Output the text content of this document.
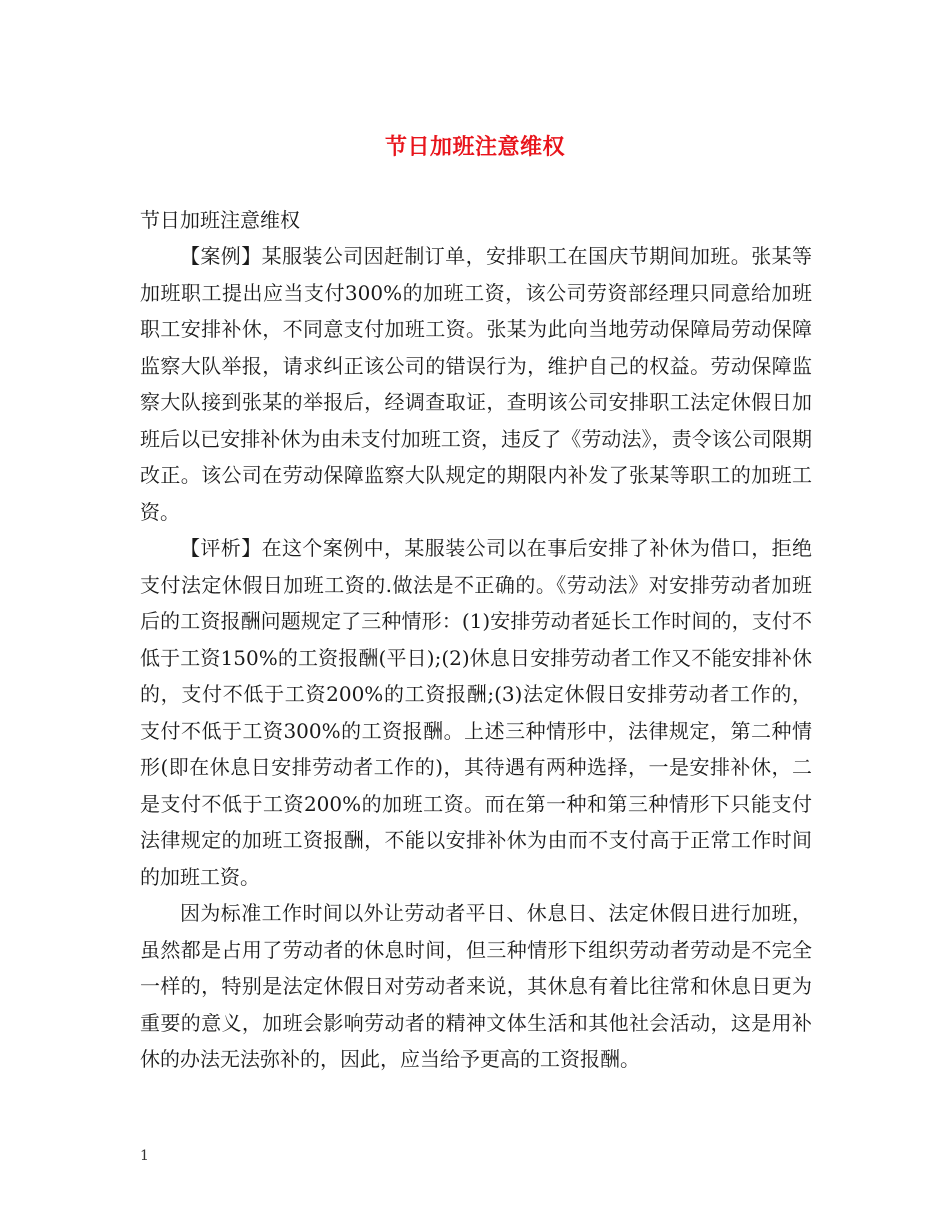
节日加班注意维权

节日加班注意维权

【案例】某服装公司因赶制订单，安排职工在国庆节期间加班。张某等加班职工提出应当支付300%的加班工资，该公司劳资部经理只同意给加班职工安排补休，不同意支付加班工资。张某为此向当地劳动保障局劳动保障监察大队举报，请求纠正该公司的错误行为，维护自己的权益。劳动保障监察大队接到张某的举报后，经调查取证，查明该公司安排职工法定休假日加班后以已安排补休为由未支付加班工资，违反了《劳动法》，责令该公司限期改正。该公司在劳动保障监察大队规定的期限内补发了张某等职工的加班工资。

【评析】在这个案例中，某服装公司以在事后安排了补休为借口，拒绝支付法定休假日加班工资的.做法是不正确的。《劳动法》对安排劳动者加班后的工资报酬问题规定了三种情形：(1)安排劳动者延长工作时间的，支付不低于工资150%的工资报酬(平日);(2)休息日安排劳动者工作又不能安排补休的，支付不低于工资200%的工资报酬;(3)法定休假日安排劳动者工作的，支付不低于工资300%的工资报酬。上述三种情形中，法律规定，第二种情形(即在休息日安排劳动者工作的)，其待遇有两种选择，一是安排补休，二是支付不低于工资200%的加班工资。而在第一种和第三种情形下只能支付法律规定的加班工资报酬，不能以安排补休为由而不支付高于正常工作时间的加班工资。

因为标准工作时间以外让劳动者平日、休息日、法定休假日进行加班，虽然都是占用了劳动者的休息时间，但三种情形下组织劳动者劳动是不完全一样的，特别是法定休假日对劳动者来说，其休息有着比往常和休息日更为重要的意义，加班会影响劳动者的精神文体生活和其他社会活动，这是用补休的办法无法弥补的，因此，应当给予更高的工资报酬。

1
